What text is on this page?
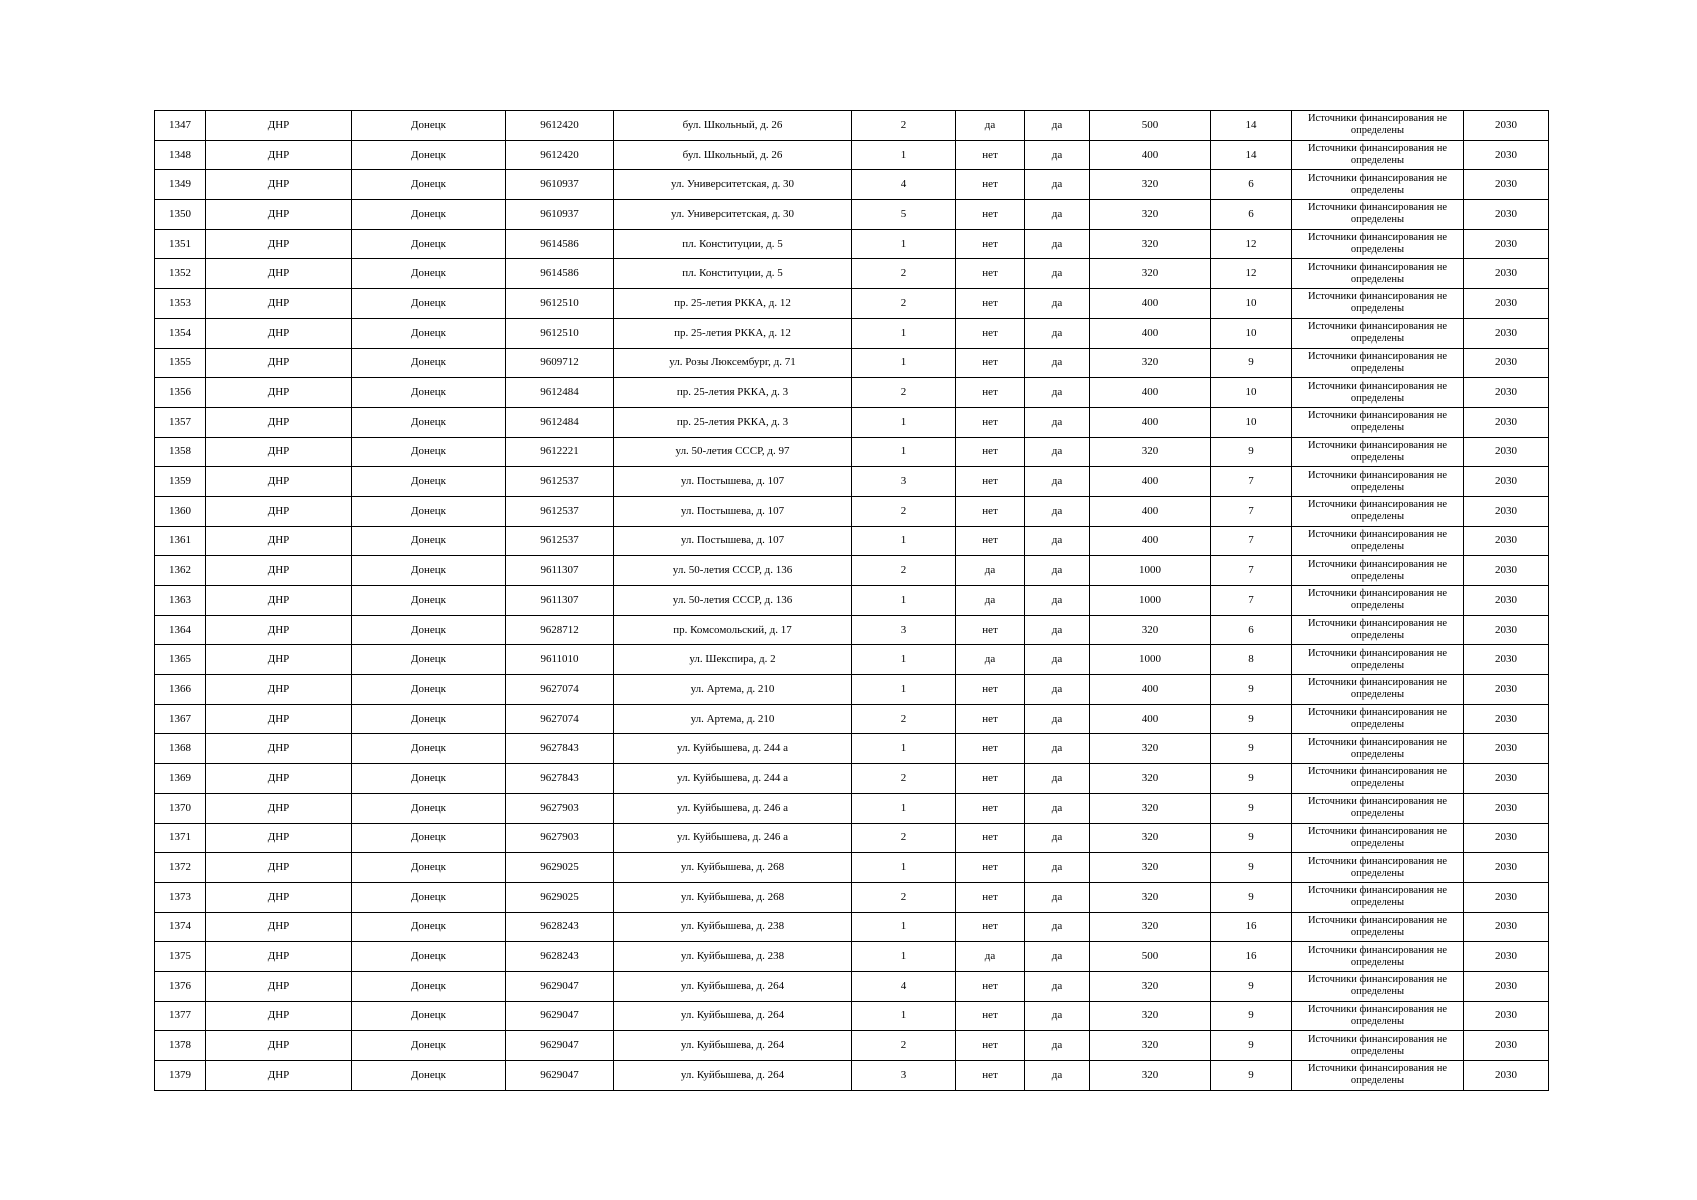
1347	ДНР	Донецк	9612420	бул. Школьный, д. 26	2	да	да	500	14	Источники финансирования не определены	2030
1348	ДНР	Донецк	9612420	бул. Школьный, д. 26	1	нет	да	400	14	Источники финансирования не определены	2030
1349	ДНР	Донецк	9610937	ул. Университетская, д. 30	4	нет	да	320	6	Источники финансирования не определены	2030
1350	ДНР	Донецк	9610937	ул. Университетская, д. 30	5	нет	да	320	6	Источники финансирования не определены	2030
1351	ДНР	Донецк	9614586	пл. Конституции, д. 5	1	нет	да	320	12	Источники финансирования не определены	2030
1352	ДНР	Донецк	9614586	пл. Конституции, д. 5	2	нет	да	320	12	Источники финансирования не определены	2030
1353	ДНР	Донецк	9612510	пр. 25-летия РККА, д. 12	2	нет	да	400	10	Источники финансирования не определены	2030
1354	ДНР	Донецк	9612510	пр. 25-летия РККА, д. 12	1	нет	да	400	10	Источники финансирования не определены	2030
1355	ДНР	Донецк	9609712	ул. Розы Люксембург, д. 71	1	нет	да	320	9	Источники финансирования не определены	2030
1356	ДНР	Донецк	9612484	пр. 25-летия РККА, д. 3	2	нет	да	400	10	Источники финансирования не определены	2030
1357	ДНР	Донецк	9612484	пр. 25-летия РККА, д. 3	1	нет	да	400	10	Источники финансирования не определены	2030
1358	ДНР	Донецк	9612221	ул. 50-летия СССР, д. 97	1	нет	да	320	9	Источники финансирования не определены	2030
1359	ДНР	Донецк	9612537	ул. Постышева, д. 107	3	нет	да	400	7	Источники финансирования не определены	2030
1360	ДНР	Донецк	9612537	ул. Постышева, д. 107	2	нет	да	400	7	Источники финансирования не определены	2030
1361	ДНР	Донецк	9612537	ул. Постышева, д. 107	1	нет	да	400	7	Источники финансирования не определены	2030
1362	ДНР	Донецк	9611307	ул. 50-летия СССР, д. 136	2	да	да	1000	7	Источники финансирования не определены	2030
1363	ДНР	Донецк	9611307	ул. 50-летия СССР, д. 136	1	да	да	1000	7	Источники финансирования не определены	2030
1364	ДНР	Донецк	9628712	пр. Комсомольский, д. 17	3	нет	да	320	6	Источники финансирования не определены	2030
1365	ДНР	Донецк	9611010	ул. Шекспира, д. 2	1	да	да	1000	8	Источники финансирования не определены	2030
1366	ДНР	Донецк	9627074	ул. Артема, д. 210	1	нет	да	400	9	Источники финансирования не определены	2030
1367	ДНР	Донецк	9627074	ул. Артема, д. 210	2	нет	да	400	9	Источники финансирования не определены	2030
1368	ДНР	Донецк	9627843	ул. Куйбышева, д. 244 а	1	нет	да	320	9	Источники финансирования не определены	2030
1369	ДНР	Донецк	9627843	ул. Куйбышева, д. 244 а	2	нет	да	320	9	Источники финансирования не определены	2030
1370	ДНР	Донецк	9627903	ул. Куйбышева, д. 246 а	1	нет	да	320	9	Источники финансирования не определены	2030
1371	ДНР	Донецк	9627903	ул. Куйбышева, д. 246 а	2	нет	да	320	9	Источники финансирования не определены	2030
1372	ДНР	Донецк	9629025	ул. Куйбышева, д. 268	1	нет	да	320	9	Источники финансирования не определены	2030
1373	ДНР	Донецк	9629025	ул. Куйбышева, д. 268	2	нет	да	320	9	Источники финансирования не определены	2030
1374	ДНР	Донецк	9628243	ул. Куйбышева, д. 238	1	нет	да	320	16	Источники финансирования не определены	2030
1375	ДНР	Донецк	9628243	ул. Куйбышева, д. 238	1	да	да	500	16	Источники финансирования не определены	2030
1376	ДНР	Донецк	9629047	ул. Куйбышева, д. 264	4	нет	да	320	9	Источники финансирования не определены	2030
1377	ДНР	Донецк	9629047	ул. Куйбышева, д. 264	1	нет	да	320	9	Источники финансирования не определены	2030
1378	ДНР	Донецк	9629047	ул. Куйбышева, д. 264	2	нет	да	320	9	Источники финансирования не определены	2030
1379	ДНР	Донецк	9629047	ул. Куйбышева, д. 264	3	нет	да	320	9	Источники финансирования не определены	2030
